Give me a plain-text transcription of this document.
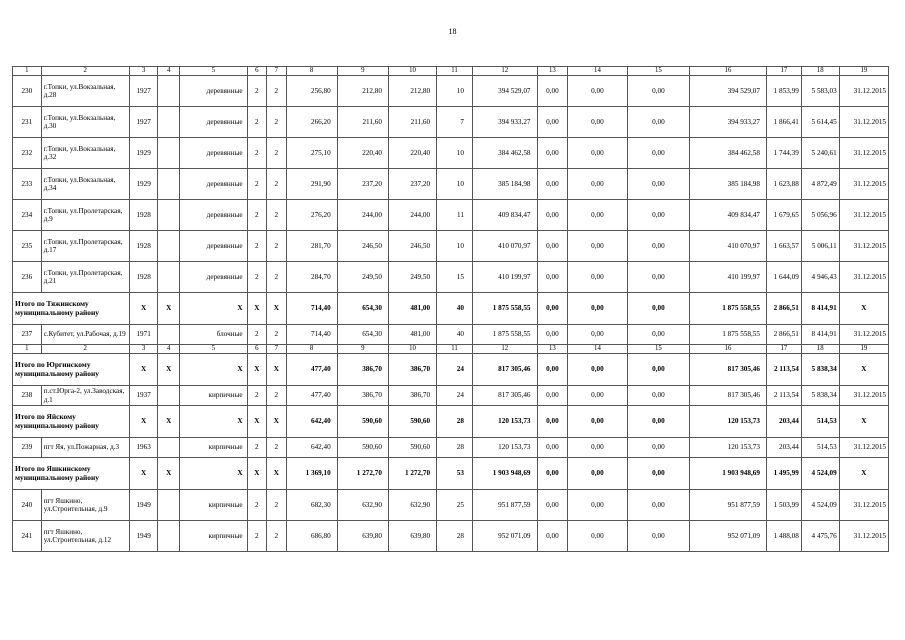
18
1	2	3	4	5	6	7	8	9	10	11	12	13	14	15	16	17	18	19
230	г.Топки, ул.Вокзальная, д.28	1927		деревянные	2	2	256,80	212,80	212,80	10	394 529,07	0,00	0,00	0,00	394 529,07	1 853,99	5 583,03	31.12.2015
231	г.Топки, ул.Вокзальная, д.30	1927		деревянные	2	2	266,20	211,60	211,60	7	394 933,27	0,00	0,00	0,00	394 933,27	1 866,41	5 614,45	31.12.2015
232	г.Топки, ул.Вокзальная, д.32	1929		деревянные	2	2	275,10	220,40	220,40	10	384 462,58	0,00	0,00	0,00	384 462,58	1 744,39	5 240,61	31.12.2015
233	г.Топки, ул.Вокзальная, д.34	1929		деревянные	2	2	291,90	237,20	237,20	10	385 184,98	0,00	0,00	0,00	385 184,98	1 623,88	4 872,49	31.12.2015
234	г.Топки, ул.Пролетарская, д.9	1928		деревянные	2	2	276,20	244,00	244,00	11	409 834,47	0,00	0,00	0,00	409 834,47	1 679,65	5 056,96	31.12.2015
235	г.Топки, ул.Пролетарская, д.17	1928		деревянные	2	2	281,70	246,50	246,50	10	410 070,97	0,00	0,00	0,00	410 070,97	1 663,57	5 006,11	31.12.2015
236	г.Топки, ул.Пролетарская, д.21	1928		деревянные	2	2	284,70	249,50	249,50	15	410 199,97	0,00	0,00	0,00	410 199,97	1 644,09	4 946,43	31.12.2015
Итого по Тяжинскому муниципальному району		X	X	X	X	X	714,40	654,30	481,00	40	1 875 558,55	0,00	0,00	0,00	1 875 558,55	2 866,51	8 414,91	X
237	с.Кубитет, ул.Рабочая, д.19	1971		блочные	2	2	714,40	654,30	481,00	40	1 875 558,55	0,00	0,00	0,00	1 875 558,55	2 866,51	8 414,91	31.12.2015
1	2	3	4	5	6	7	8	9	10	11	12	13	14	15	16	17	18	19
Итого по Юргинскому муниципальному району		X	X	X	X	X	477,40	386,70	386,70	24	817 305,46	0,00	0,00	0,00	817 305,46	2 113,54	5 838,34	X
238	п.ст.Юрга-2, ул.Заводская, д.1	1937		кирпичные	2	2	477,40	386,70	386,70	24	817 305,46	0,00	0,00	0,00	817 305,46	2 113,54	5 838,34	31.12.2015
Итого по Яйскому муниципальному району		X	X	X	X	X	642,40	590,60	590,60	28	120 153,73	0,00	0,00	0,00	120 153,73	203,44	514,53	X
239	пгт Яя, ул.Пожарная, д.3	1963		кирпичные	2	2	642,40	590,60	590,60	28	120 153,73	0,00	0,00	0,00	120 153,73	203,44	514,53	31.12.2015
Итого по Яшкинскому муниципальному району		X	X	X	X	X	1 369,10	1 272,70	1 272,70	53	1 903 948,69	0,00	0,00	0,00	1 903 948,69	1 495,99	4 524,09	X
240	пгт Яшкино, ул.Строительная, д.9	1949		кирпичные	2	2	682,30	632,90	632,90	25	951 877,59	0,00	0,00	0,00	951 877,59	1 503,99	4 524,09	31.12.2015
241	пгт Яшкино, ул.Строительная, д.12	1949		кирпичные	2	2	686,80	639,80	639,80	28	952 071,09	0,00	0,00	0,00	952 071,09	1 488,08	4 475,76	31.12.2015
